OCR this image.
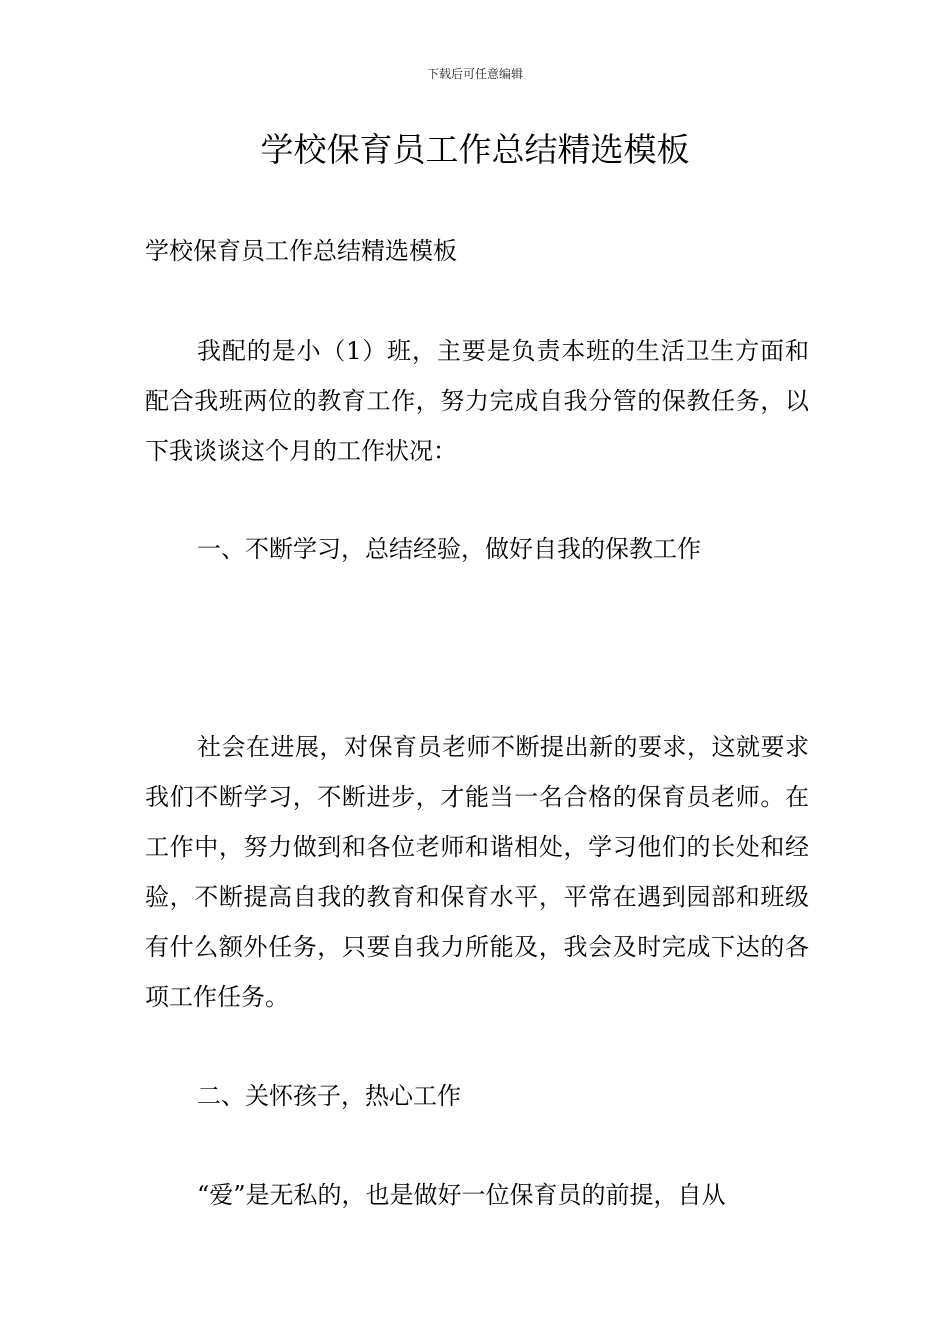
下载后可任意编辑
学校保育员工作总结精选模板

学校保育员工作总结精选模板

我配的是小（1）班，主要是负责本班的生活卫生方面和配合我班两位的教育工作，努力完成自我分管的保教任务，以下我谈谈这个月的工作状况：

一、不断学习，总结经验，做好自我的保教工作

社会在进展，对保育员老师不断提出新的要求，这就要求我们不断学习，不断进步，才能当一名合格的保育员老师。在工作中，努力做到和各位老师和谐相处，学习他们的长处和经验，不断提高自我的教育和保育水平，平常在遇到园部和班级有什么额外任务，只要自我力所能及，我会及时完成下达的各项工作任务。

二、关怀孩子，热心工作

“爱”是无私的，也是做好一位保育员的前提，自从
